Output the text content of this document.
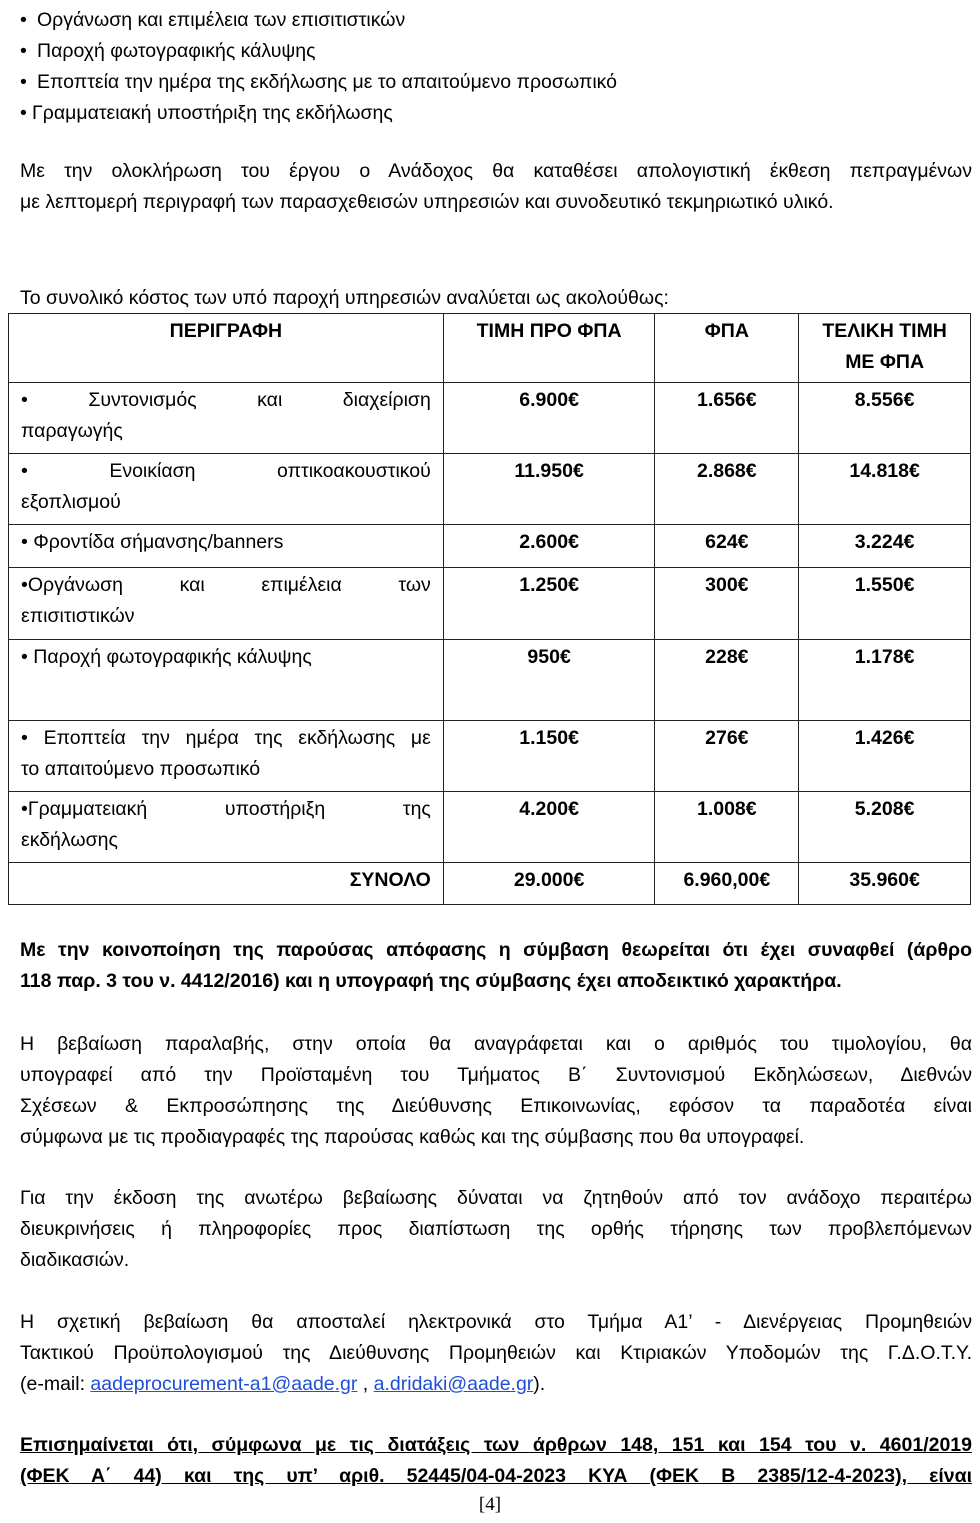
• Οργάνωση και επιμέλεια των επισιτιστικών
• Παροχή φωτογραφικής κάλυψης
• Εποπτεία την ημέρα της εκδήλωσης με το απαιτούμενο προσωπικό
• Γραμματειακή υποστήριξη της εκδήλωσης
Με την ολοκλήρωση του έργου ο Ανάδοχος θα καταθέσει απολογιστική έκθεση πεπραγμένων
με λεπτομερή περιγραφή των παρασχεθεισών υπηρεσιών και συνοδευτικό τεκμηριωτικό υλικό.
Το συνολικό κόστος των υπό παροχή υπηρεσιών αναλύεται ως ακολούθως:
ΠΕΡΙΓΡΑΦΗ	ΤΙΜΗ ΠΡΟ ΦΠΑ	ΦΠΑ	ΤΕΛΙΚΗ ΤΙΜΗ
ΜΕ ΦΠΑ

• Συντονισμός και διαχείριση
παραγωγής	6.900€	1.656€	8.556€

• Ενοικίαση οπτικοακουστικού
εξοπλισμού	11.950€	2.868€	14.818€

• Φροντίδα σήμανσης/banners	2.600€	624€	3.224€

•Οργάνωση και επιμέλεια των
επισιτιστικών	1.250€	300€	1.550€

• Παροχή φωτογραφικής κάλυψης	950€	228€	1.178€

• Εποπτεία την ημέρα της εκδήλωσης με
το απαιτούμενο προσωπικό	1.150€	276€	1.426€

•Γραμματειακή υποστήριξη της
εκδήλωσης	4.200€	1.008€	5.208€
ΣΥΝΟΛΟ	29.000€	6.960,00€	35.960€
Με την κοινοποίηση της παρούσας απόφασης η σύμβαση θεωρείται ότι έχει συναφθεί (άρθρο
118 παρ. 3 του ν. 4412/2016) και η υπογραφή της σύμβασης έχει αποδεικτικό χαρακτήρα.
Η βεβαίωση παραλαβής, στην οποία θα αναγράφεται και ο αριθμός του τιμολογίου, θα
υπογραφεί από την Προϊσταμένη του Τμήματος Β΄ Συντονισμού Εκδηλώσεων, Διεθνών
Σχέσεων & Εκπροσώπησης της Διεύθυνσης Επικοινωνίας, εφόσον τα παραδοτέα είναι
σύμφωνα με τις προδιαγραφές της παρούσας καθώς και της σύμβασης που θα υπογραφεί.
Για την έκδοση της ανωτέρω βεβαίωσης δύναται να ζητηθούν από τον ανάδοχο περαιτέρω
διευκρινήσεις ή πληροφορίες προς διαπίστωση της ορθής τήρησης των προβλεπόμενων
διαδικασιών.
Η σχετική βεβαίωση θα αποσταλεί ηλεκτρονικά στο Τμήμα Α1’ - Διενέργειας Προμηθειών
Τακτικού Προϋπολογισμού της Διεύθυνσης Προμηθειών και Κτιριακών Υποδομών της Γ.Δ.Ο.Τ.Υ.
(e-mail: aadeprocurement-a1@aade.gr , a.dridaki@aade.gr).
Επισημαίνεται ότι, σύμφωνα με τις διατάξεις των άρθρων 148, 151 και 154 του ν. 4601/2019
(ΦΕΚ Α΄ 44) και της υπ’ αριθ. 52445/04-04-2023 ΚΥΑ (ΦΕΚ Β 2385/12-4-2023), είναι
[4]
